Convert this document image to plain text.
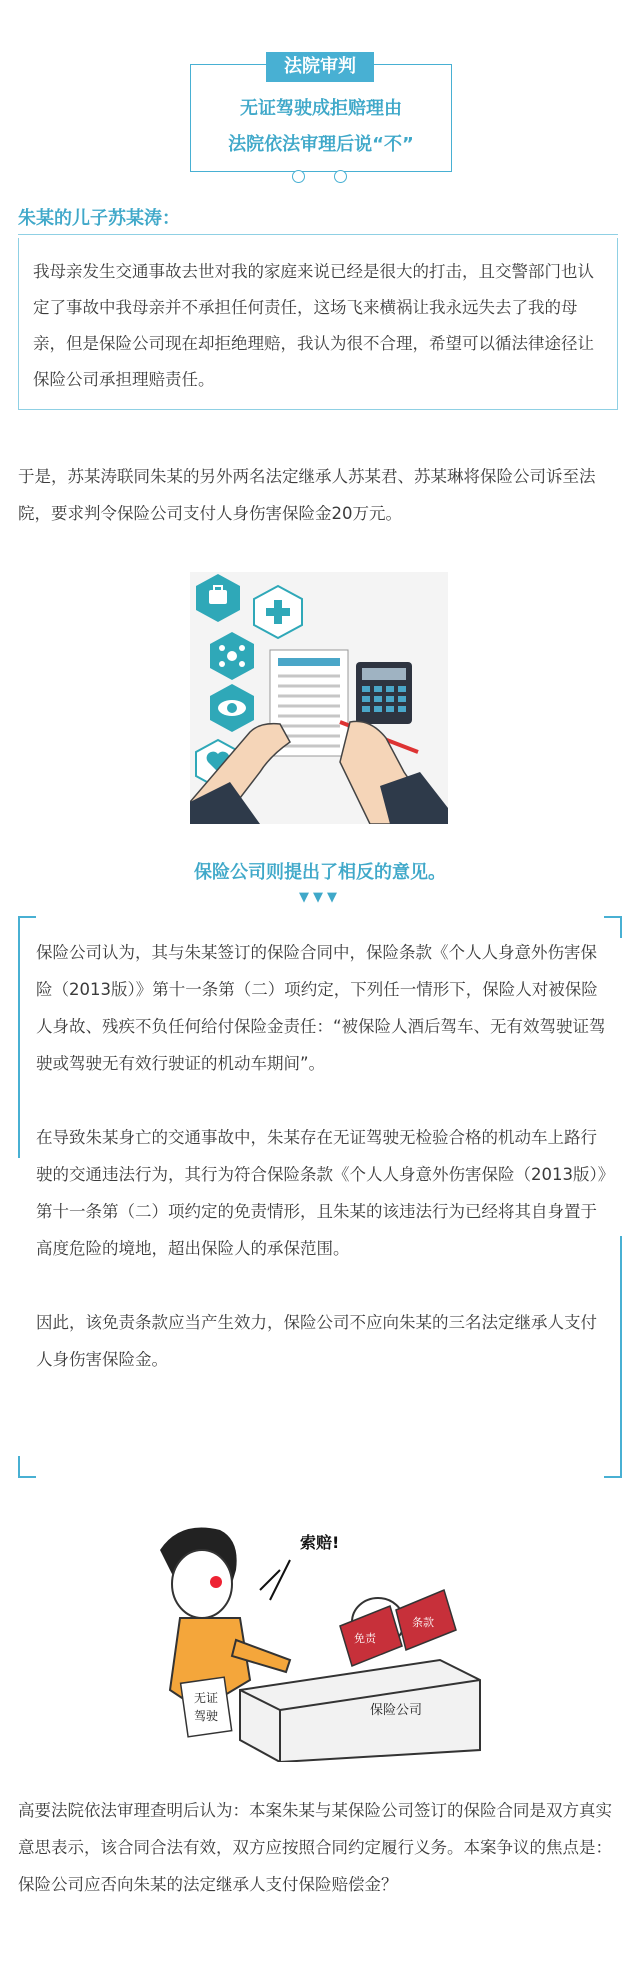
法院审判
无证驾驶成拒赔理由
法院依法审理后说“不”
朱某的儿子苏某涛：
我母亲发生交通事故去世对我的家庭来说已经是很大的打击，且交警部门也认定了事故中我母亲并不承担任何责任，这场飞来横祸让我永远失去了我的母亲，但是保险公司现在却拒绝理赔，我认为很不合理，希望可以循法律途径让保险公司承担理赔责任。
于是，苏某涛联同朱某的另外两名法定继承人苏某君、苏某琳将保险公司诉至法院，要求判令保险公司支付人身伤害保险金20万元。
保险公司则提出了相反的意见。
▼▼▼

保险公司认为，其与朱某签订的保险合同中，保险条款《个人人身意外伤害保险（2013版）》第十一条第（二）项约定，下列任一情形下，保险人对被保险人身故、残疾不负任何给付保险金责任：“被保险人酒后驾车、无有效驾驶证驾驶或驾驶无有效行驶证的机动车期间”。

在导致朱某身亡的交通事故中，朱某存在无证驾驶无检验合格的机动车上路行驶的交通违法行为，其行为符合保险条款《个人人身意外伤害保险（2013版）》第十一条第（二）项约定的免责情形，且朱某的该违法行为已经将其自身置于高度危险的境地，超出保险人的承保范围。

因此，该免责条款应当产生效力，保险公司不应向朱某的三名法定继承人支付人身伤害保险金。

无证
驾驶
索赔!
免责
条款
保险公司
高要法院依法审理查明后认为：本案朱某与某保险公司签订的保险合同是双方真实意思表示，该合同合法有效，双方应按照合同约定履行义务。本案争议的焦点是：保险公司应否向朱某的法定继承人支付保险赔偿金？
